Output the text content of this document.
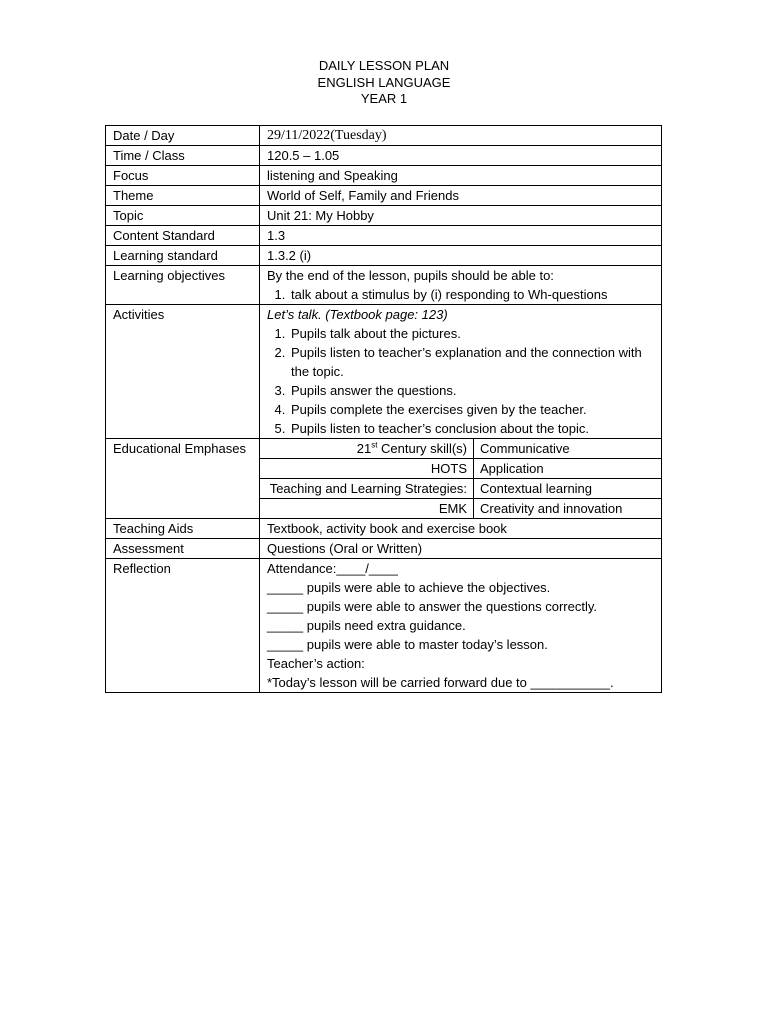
DAILY LESSON PLAN
ENGLISH LANGUAGE
YEAR 1
Date / Day	29/11/2022(Tuesday)
Time / Class	120.5 – 1.05
Focus	listening and Speaking
Theme	World of Self, Family and Friends
Topic	Unit 21: My Hobby
Content Standard	1.3
Learning standard	1.3.2 (i)
Learning objectives	By the end of the lesson, pupils should be able to:
1. talk about a stimulus by (i) responding to Wh-questions

Activities	Let’s talk. (Textbook page: 123)
1. Pupils talk about the pictures.
2. Pupils listen to teacher’s explanation and the connection with the topic.
3. Pupils answer the questions.
4. Pupils complete the exercises given by the teacher.
5. Pupils listen to teacher’s conclusion about the topic.

Educational Emphases		21st Century skill(s)	Communicative
HOTS	Application
Teaching and Learning Strategies:	Contextual learning
EMK	Creativity and innovation

Teaching Aids	Textbook, activity book and exercise book
Assessment	Questions (Oral or Written)
Reflection	Attendance:____/____
_____ pupils were able to achieve the objectives.
_____ pupils were able to answer the questions correctly.
_____ pupils need extra guidance.
_____ pupils were able to master today’s lesson.
Teacher’s action:
*Today’s lesson will be carried forward due to ___________.
